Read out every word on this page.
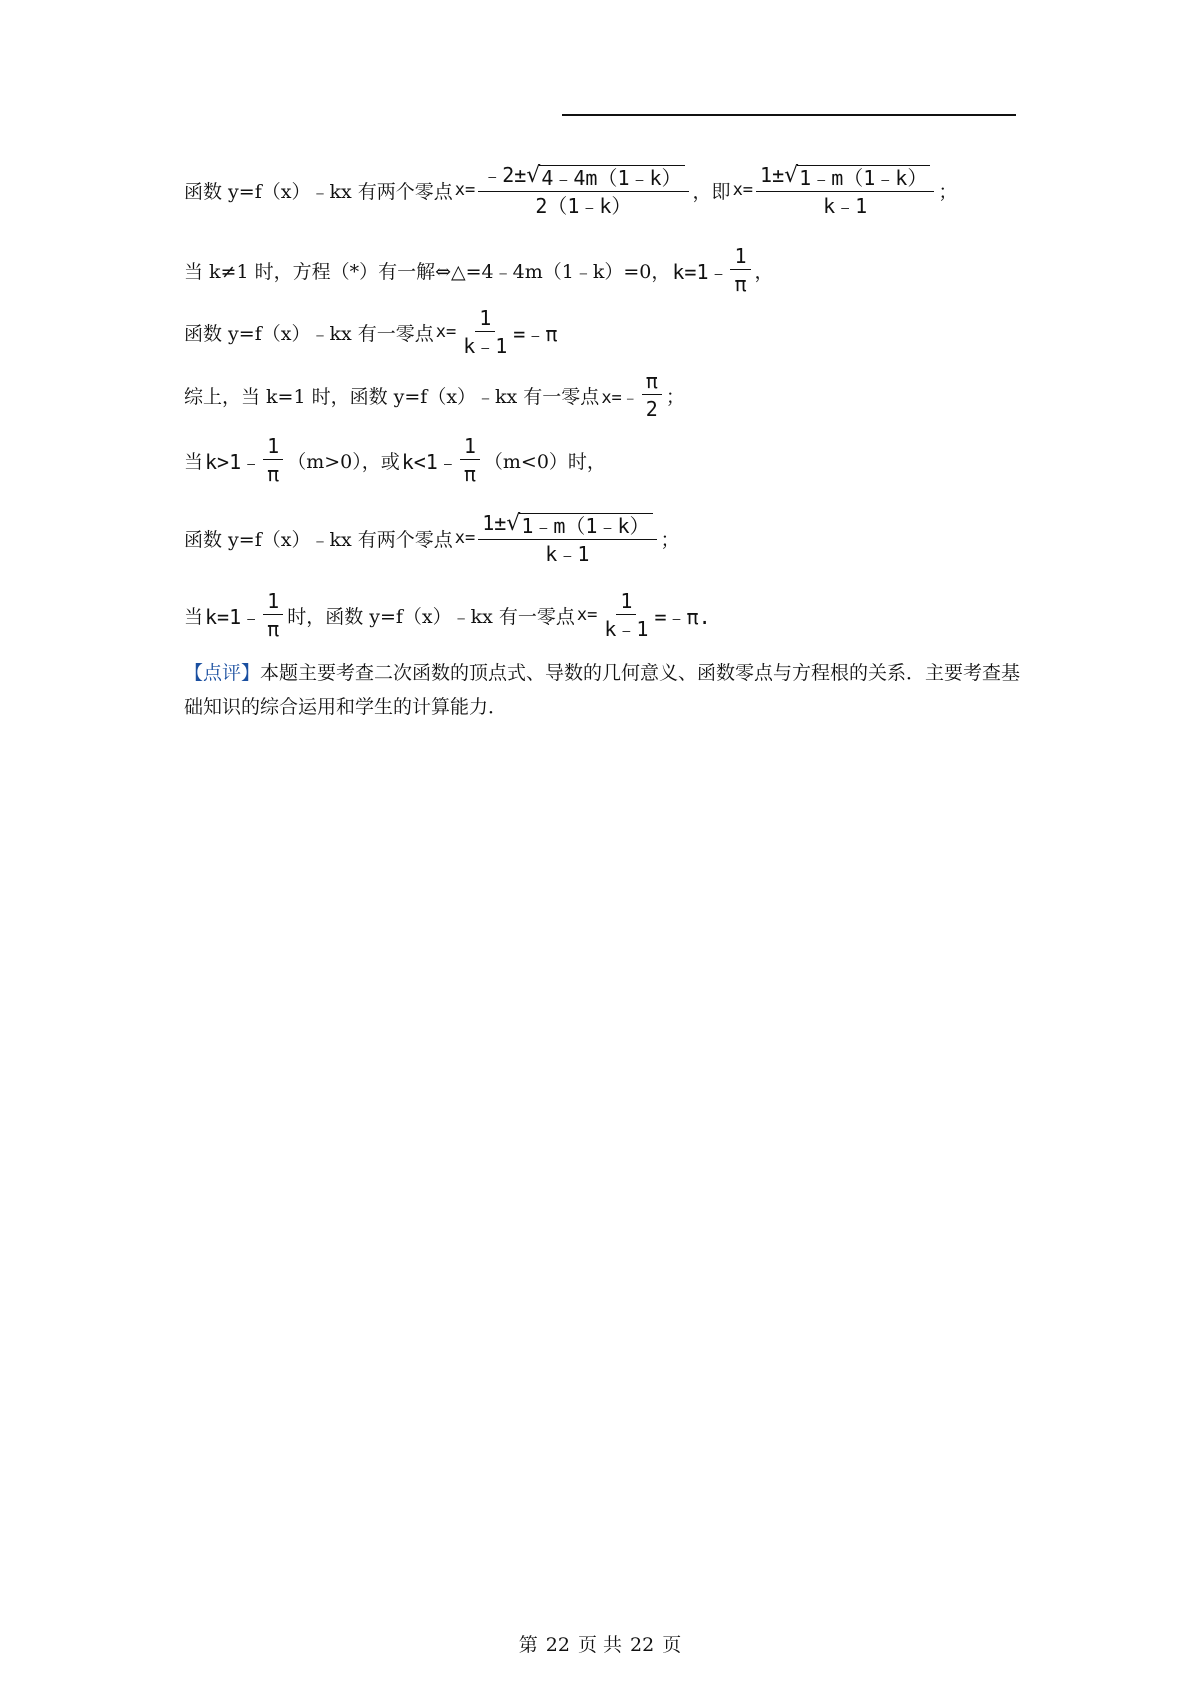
函数 y=f（x）﹣kx 有两个零点 $x= \frac{﹣2\pm √ 4﹣4m(1﹣k)}{2(1﹣k)}$ ，即 $x= \frac{1\pm √ 1﹣m(1﹣k)}{k﹣1}$ ；
当 k≠1 时，方程（*）有一解⇔△=4﹣4m（1﹣k）=0， k=1﹣ $\frac{1}{\pi}$ ，
函数 y=f（x）﹣kx 有一零点 $x= \frac{1}{k﹣1}$ =﹣π
综上，当 k=1 时，函数 y=f（x）﹣kx 有一零点 x=﹣ $\frac{\pi}{2}$ ；
当 k>1﹣ $\frac{1}{\pi} (m>0)$，或 k<1﹣ $\frac{1}{\pi} (m<0)$时，
函数 y=f（x）﹣kx 有两个零点 $x= \frac{1\pm √ 1﹣m(1﹣k)}{k﹣1}$ ；
当 k=1﹣ $\frac{1}{\pi}$ 时，函数 y=f（x）﹣kx 有一零点 $x= \frac{1}{k﹣1}$ =﹣π.
【点评】本题主要考查二次函数的顶点式、导数的几何意义、函数零点与方程根的关系．主要考查基础知识的综合运用和学生的计算能力．
第 22 页 共 22 页
